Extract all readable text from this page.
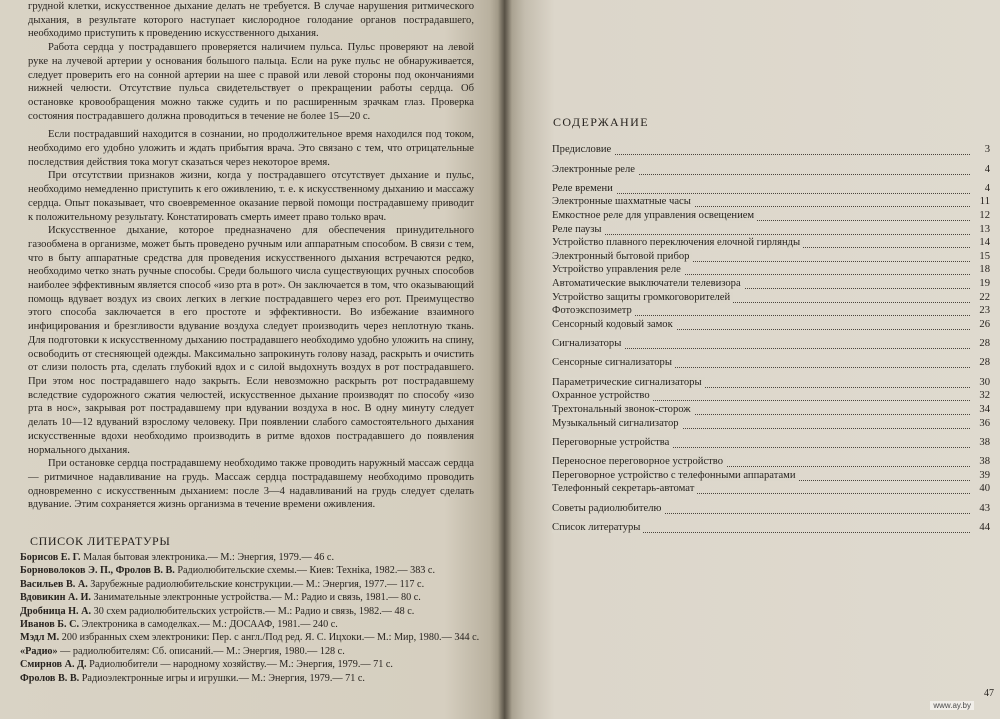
грудной клетки, искусственное дыхание делать не требуется. В случае нарушения ритмического дыхания, в результате которого наступает кислородное голодание органов пострадавшего, необходимо приступить к проведению искусственного дыхания.

Работа сердца у пострадавшего проверяется наличием пульса. Пульс проверяют на левой руке на лучевой артерии у основания большого пальца. Если на руке пульс не обнаруживается, следует проверить его на сонной артерии на шее с правой или левой стороны под окончаниями нижней челюсти. Отсутствие пульса свидетельствует о прекращении работы сердца. Об остановке кровообращения можно также судить и по расширенным зрачкам глаз. Проверка состояния пострадавшего должна проводиться в течение не более 15—20 с.

Если пострадавший находится в сознании, но продолжительное время находился под током, необходимо его удобно уложить и ждать прибытия врача. Это связано с тем, что отрицательные последствия действия тока могут сказаться через некоторое время.

При отсутствии признаков жизни, когда у пострадавшего отсутствует дыхание и пульс, необходимо немедленно приступить к его оживлению, т. е. к искусственному дыханию и массажу сердца. Опыт показывает, что своевременное оказание первой помощи пострадавшему приводит к положительному результату. Констатировать смерть имеет право только врач.

Искусственное дыхание, которое предназначено для обеспечения принудительного газообмена в организме, может быть проведено ручным или аппаратным способом. В связи с тем, что в быту аппаратные средства для проведения искусственного дыхания встречаются редко, необходимо четко знать ручные способы. Среди большого числа существующих ручных способов наиболее эффективным является способ «изо рта в рот». Он заключается в том, что оказывающий помощь вдувает воздух из своих легких в легкие пострадавшего через его рот. Преимущество этого способа заключается в его простоте и эффективности. Во избежание взаимного инфицирования и брезгливости вдувание воздуха следует производить через неплотную ткань. Для подготовки к искусственному дыханию пострадавшего необходимо удобно уложить на спину, освободить от стесняющей одежды. Максимально запрокинуть голову назад, раскрыть и очистить от слизи полость рта, сделать глубокий вдох и с силой выдохнуть воздух в рот пострадавшего. При этом нос пострадавшего надо закрыть. Если невозможно раскрыть рот пострадавшему вследствие судорожного сжатия челюстей, искусственное дыхание производят по способу «изо рта в нос», закрывая рот пострадавшему при вдувании воздуха в нос. В одну минуту следует делать 10—12 вдуваний взрослому человеку. При появлении слабого самостоятельного дыхания искусственные вдохи необходимо производить в ритме вдохов пострадавшего до появления нормального дыхания.

При остановке сердца пострадавшему необходимо также проводить наружный массаж сердца — ритмичное надавливание на грудь. Массаж сердца пострадавшему необходимо проводить одновременно с искусственным дыханием: после 3—4 надавливаний на грудь следует сделать вдувание. Этим сохраняется жизнь организма в течение времени оживления.

СПИСОК ЛИТЕРАТУРЫ

Борисов Е. Г. Малая бытовая электроника.— М.: Энергия, 1979.— 46 с.

Борноволоков Э. П., Фролов В. В. Радиолюбительские схемы.— Киев: Технiка, 1982.— 383 с.

Васильев В. А. Зарубежные радиолюбительские конструкции.— М.: Энергия, 1977.— 117 с.

Вдовикин А. И. Занимательные электронные устройства.— М.: Радио и связь, 1981.— 80 с.

Дробница Н. А. 30 схем радиолюбительских устройств.— М.: Радио и связь, 1982.— 48 с.

Иванов Б. С. Электроника в самоделках.— М.: ДОСААФ, 1981.— 240 с.

Мэдл М. 200 избранных схем электроники: Пер. с англ./Под ред. Я. С. Ицхоки.— М.: Мир, 1980.— 344 с.

«Радио» — радиолюбителям: Сб. описаний.— М.: Энергия, 1980.— 128 с.

Смирнов А. Д. Радиолюбители — народному хозяйству.— М.: Энергия, 1979.— 71 с.

Фролов В. В. Радиоэлектронные игры и игрушки.— М.: Энергия, 1979.— 71 с.

СОДЕРЖАНИЕ
Предисловие	3
Электронные реле	4
Реле времени	4
Электронные шахматные часы	11
Емкостное реле для управления освещением	12
Реле паузы	13
Устройство плавного переключения елочной гирлянды	14
Электронный бытовой прибор	15
Устройство управления реле	18
Автоматические выключатели телевизора	19
Устройство защиты громкоговорителей	22
Фотоэкспозиметр	23
Сенсорный кодовый замок	26
Сигнализаторы	28
Сенсорные сигнализаторы	28
Параметрические сигнализаторы	30
Охранное устройство	32
Трехтональный звонок-сторож	34
Музыкальный сигнализатор	36
Переговорные устройства	38
Переносное переговорное устройство	38
Переговорное устройство с телефонными аппаратами	39
Телефонный секретарь-автомат	40
Советы радиолюбителю	43
Список литературы	44
47
www.ay.by
